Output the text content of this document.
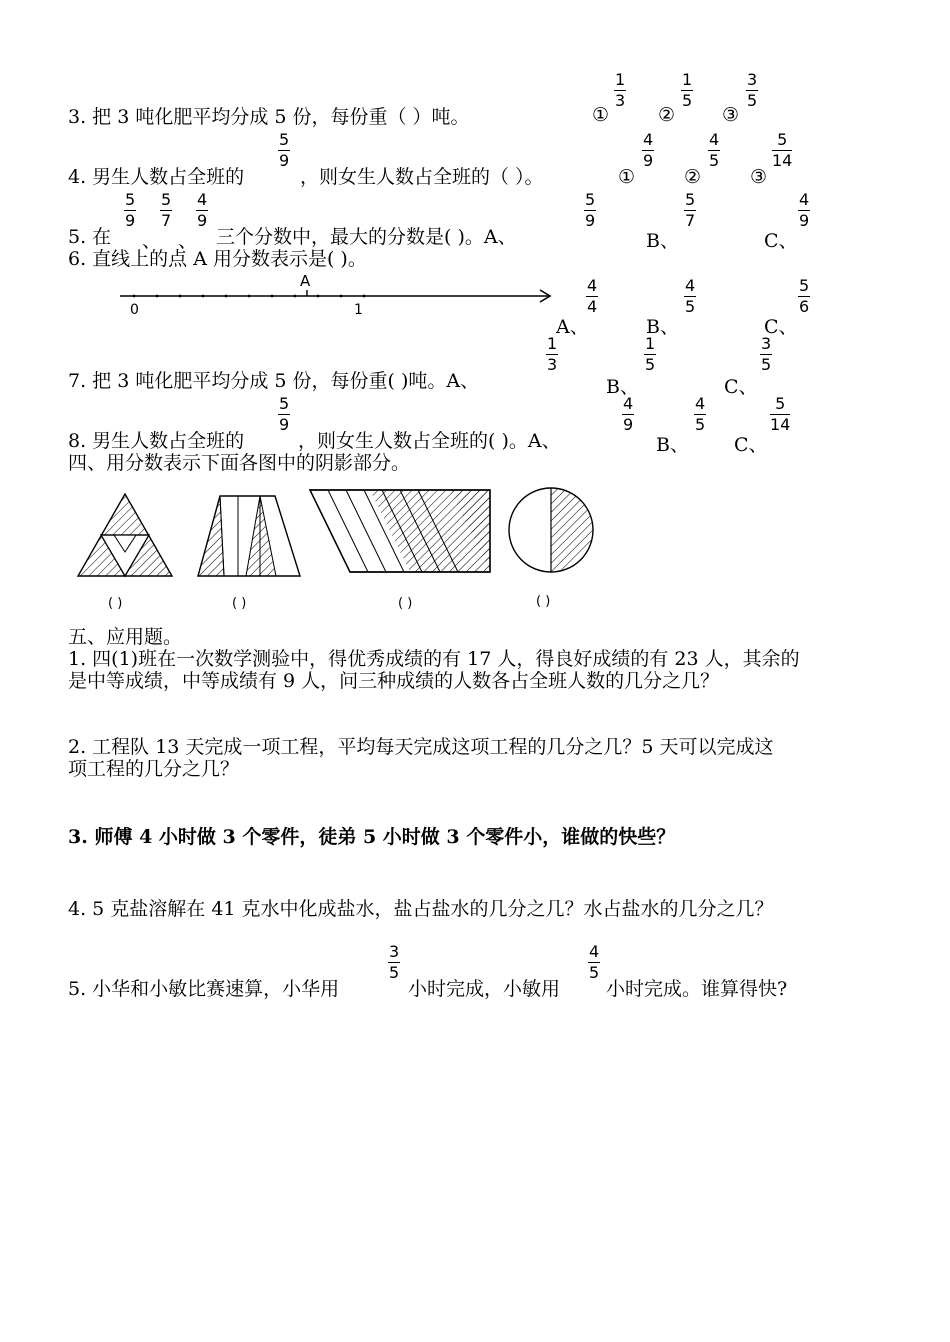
3. 把 3 吨化肥平均分成 5 份，每份重（ ）吨。	①
$\frac{1}{3}$
②
$\frac{1}{5}$
③
$\frac{3}{5}$
4. 男生人数占全班的
$\frac{5}{9}$
，则女生人数占全班的（ ）。	①
$\frac{4}{9}$
②
$\frac{4}{5}$
③
$\frac{5}{14}$
5. 在
$\frac{5}{9}$
、
$\frac{5}{7}$
、
$\frac{4}{9}$
三个分数中，最大的分数是( )。A、
$\frac{5}{9}$
B、
$\frac{5}{7}$
C、
$\frac{4}{9}$
6. 直线上的点 A 用分数表示是( )。
A
0	1
A、
$\frac{4}{4}$
B、
$\frac{4}{5}$
C、
$\frac{5}{6}$
7. 把 3 吨化肥平均分成 5 份，每份重( )吨。A、
$\frac{1}{3}$
B、
$\frac{1}{5}$
C、
$\frac{3}{5}$
8. 男生人数占全班的
$\frac{5}{9}$
，则女生人数占全班的( )。A、
$\frac{4}{9}$
B、
$\frac{4}{5}$
C、
$\frac{5}{14}$
四、用分数表示下面各图中的阴影部分。
( )	( )	( )	( )
五、应用题。
1. 四(1)班在一次数学测验中，得优秀成绩的有 17 人，得良好成绩的有 23 人，其余的
是中等成绩，中等成绩有 9 人，问三种成绩的人数各占全班人数的几分之几？
2. 工程队 13 天完成一项工程，平均每天完成这项工程的几分之几？5 天可以完成这
项工程的几分之几？
3. 师傅 4 小时做 3 个零件，徒弟 5 小时做 3 个零件小，谁做的快些？
4. 5 克盐溶解在 41 克水中化成盐水，盐占盐水的几分之几？水占盐水的几分之几？
5. 小华和小敏比赛速算，小华用
$\frac{3}{5}$
小时完成，小敏用
$\frac{4}{5}$
小时完成。谁算得快?
